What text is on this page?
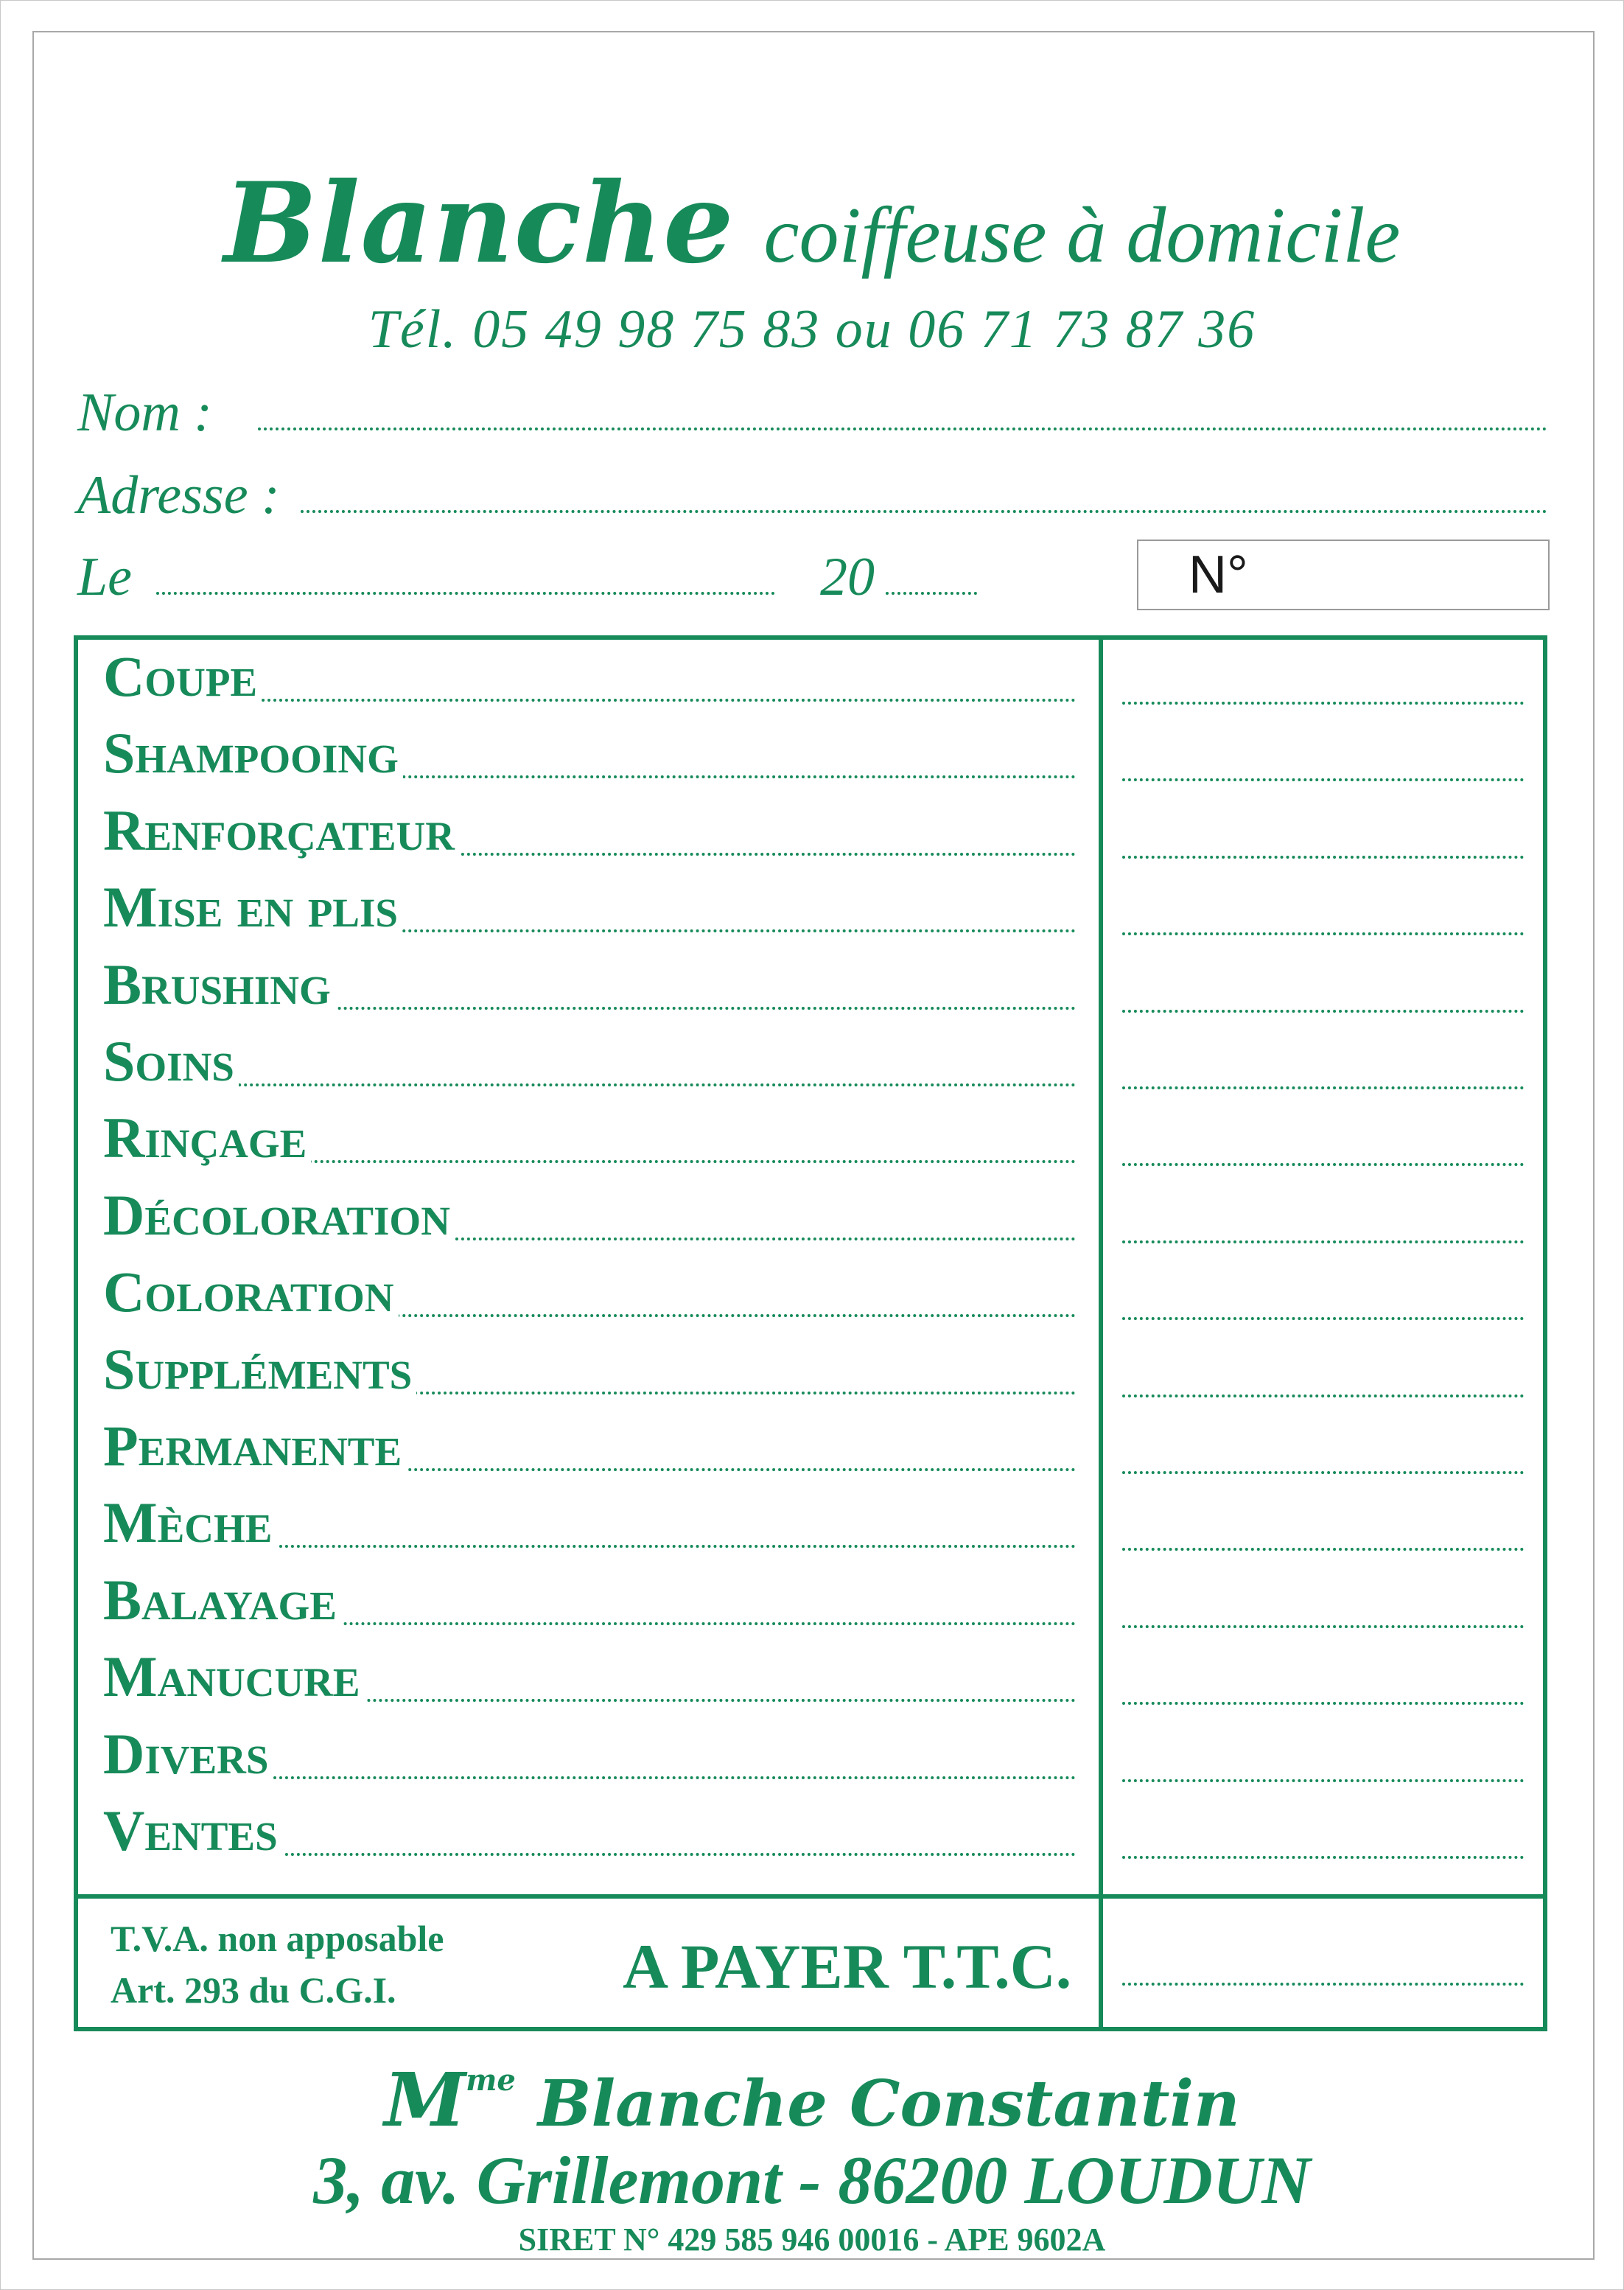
Blanche coiffeuse à domicile
Tél. 05 49 98 75 83 ou 06 71 73 87 36
Nom :
Adresse :
Le	20	N°
Coupe
Shampooing
Renforçateur
Mise en plis
Brushing
Soins
Rinçage
Décoloration
Coloration
Suppléments
Permanente
Mèche
Balayage
Manucure
Divers
Ventes
T.V.A. non apposable
Art. 293 du C.G.I.	A PAYER T.T.C.
$M^{me}$ Blanche Constantin
3, av. Grillemont - 86200 LOUDUN
SIRET N° 429 585 946 00016 - APE 9602A
